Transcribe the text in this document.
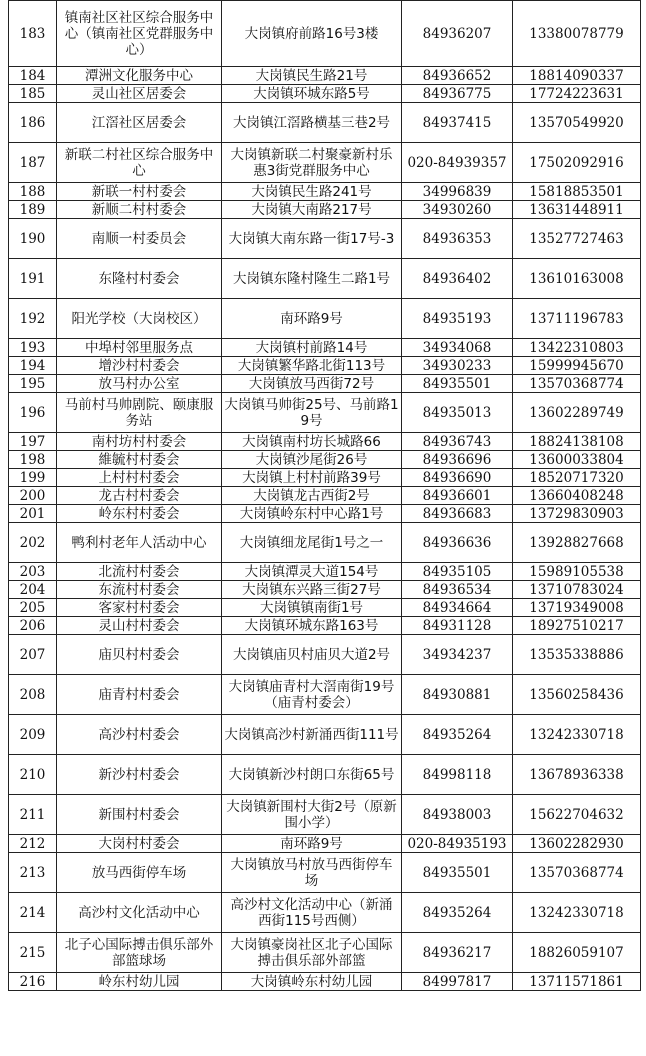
183	镇南社区社区综合服务中心（镇南社区党群服务中心）	大岗镇府前路16号3楼	84936207	13380078779
184	潭洲文化服务中心	大岗镇民生路21号	84936652	18814090337
185	灵山社区居委会	大岗镇环城东路5号	84936775	17724223631
186	江滘社区居委会	大岗镇江滘路横基三巷2号	84937415	13570549920
187	新联二村社区综合服务中心	大岗镇新联二村聚豪新村乐惠3街党群服务中心	020-84939357	17502092916
188	新联一村村委会	大岗镇民生路241号	34996839	15818853501
189	新顺二村村委会	大岗镇大南路217号	34930260	13631448911
190	南顺一村委员会	大岗镇大南东路一街17号-3	84936353	13527727463
191	东隆村村委会	大岗镇东隆村隆生二路1号	84936402	13610163008
192	阳光学校（大岗校区）	南环路9号	84935193	13711196783
193	中埠村邻里服务点	大岗镇村前路14号	34934068	13422310803
194	增沙村村委会	大岗镇繁华路北街113号	34930233	15999945670
195	放马村办公室	大岗镇放马西街72号	84935501	13570368774
196	马前村马帅剧院、颐康服务站	大岗镇马帅街25号、马前路19号	84935013	13602289749
197	南村坊村村委会	大岗镇南村坊长城路66	84936743	18824138108
198	維毓村村委会	大岗镇沙尾街26号	84936696	13600033804
199	上村村村委会	大岗镇上村村前路39号	84936690	18520717320
200	龙古村村委会	大岗镇龙古西街2号	84936601	13660408248
201	岭东村村委会	大岗镇岭东村中心路1号	84936683	13729830903
202	鸭利村老年人活动中心	大岗镇细龙尾街1号之一	84936636	13928827668
203	北流村村委会	大岗镇潭灵大道154号	84935105	15989105538
204	东流村村委会	大岗镇东兴路三街27号	84936534	13710783024
205	客家村村委会	大岗镇镇南街1号	84934664	13719349008
206	灵山村村委会	大岗镇环城东路163号	84931128	18927510217
207	庙贝村村委会	大岗镇庙贝村庙贝大道2号	34934237	13535338886
208	庙青村村委会	大岗镇庙青村大滘南街19号（庙青村委会）	84930881	13560258436
209	高沙村村委会	大岗镇高沙村新涌西街111号	84935264	13242330718
210	新沙村村委会	大岗镇新沙村朗口东街65号	84998118	13678936338
211	新围村村委会	大岗镇新围村大街2号（原新围小学）	84938003	15622704632
212	大岗村村委会	南环路9号	020-84935193	13602282930
213	放马西街停车场	大岗镇放马村放马西街停车场	84935501	13570368774
214	高沙村文化活动中心	高沙村文化活动中心（新涌西街115号西侧）	84935264	13242330718
215	北子心国际搏击俱乐部外部篮球场	大岗镇豪岗社区北子心国际搏击俱乐部外部篮	84936217	18826059107
216	岭东村幼儿园	大岗镇岭东村幼儿园	84997817	13711571861
